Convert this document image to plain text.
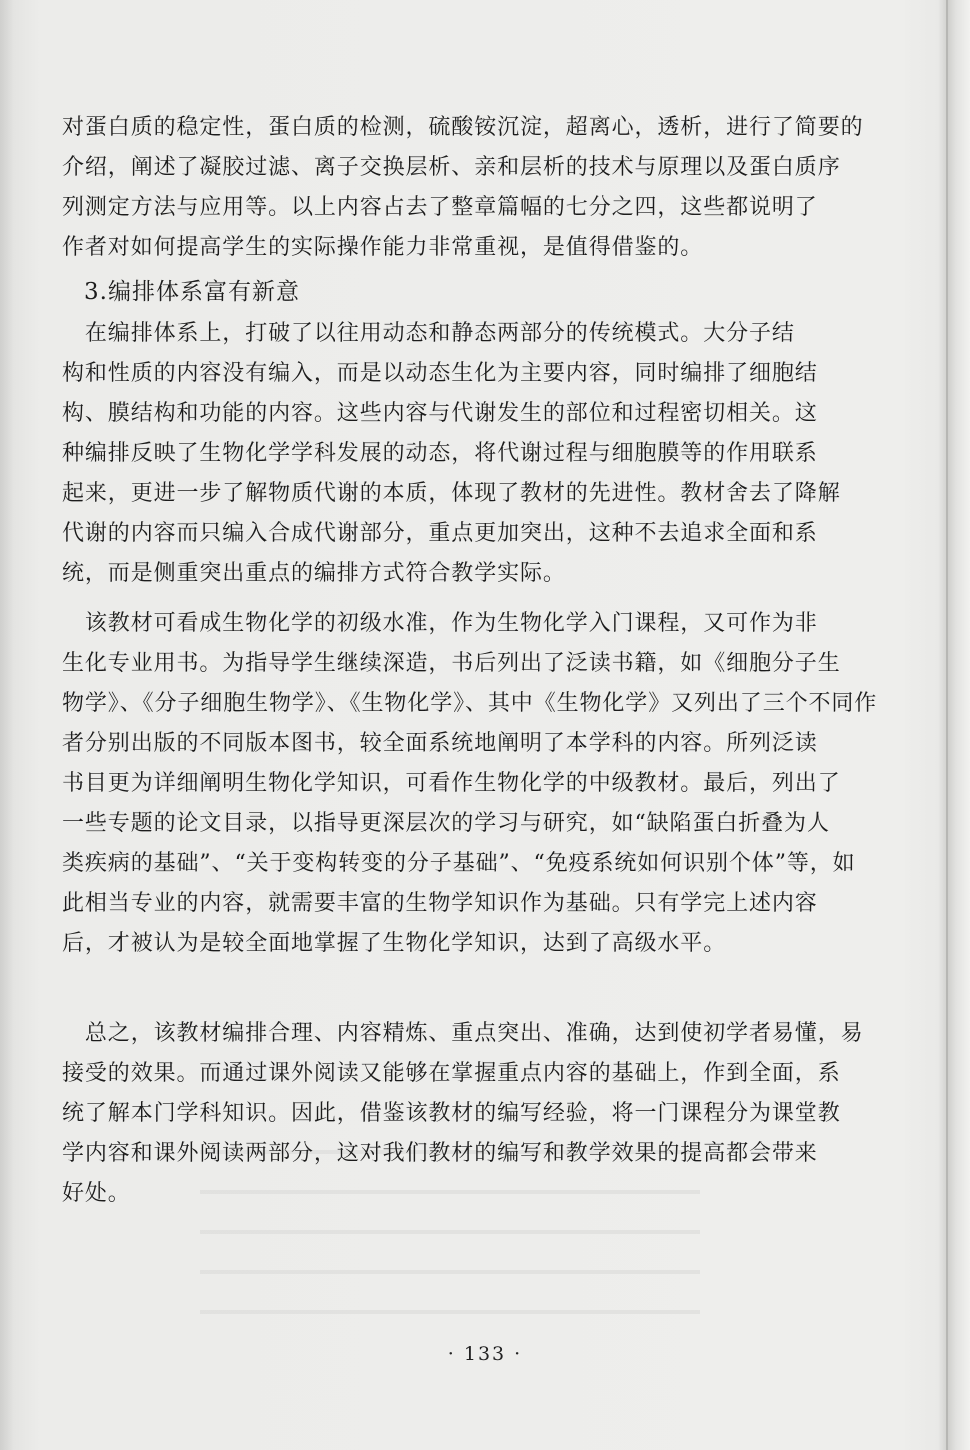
对蛋白质的稳定性，蛋白质的检测，硫酸铵沉淀，超离心，透析，进行了简要的
介绍，阐述了凝胶过滤、离子交换层析、亲和层析的技术与原理以及蛋白质序
列测定方法与应用等。以上内容占去了整章篇幅的七分之四，这些都说明了
作者对如何提高学生的实际操作能力非常重视，是值得借鉴的。
3.编排体系富有新意
　在编排体系上，打破了以往用动态和静态两部分的传统模式。大分子结
构和性质的内容没有编入，而是以动态生化为主要内容，同时编排了细胞结
构、膜结构和功能的内容。这些内容与代谢发生的部位和过程密切相关。这
种编排反映了生物化学学科发展的动态，将代谢过程与细胞膜等的作用联系
起来，更进一步了解物质代谢的本质，体现了教材的先进性。教材舍去了降解
代谢的内容而只编入合成代谢部分，重点更加突出，这种不去追求全面和系
统，而是侧重突出重点的编排方式符合教学实际。
　该教材可看成生物化学的初级水准，作为生物化学入门课程，又可作为非
生化专业用书。为指导学生继续深造，书后列出了泛读书籍，如《细胞分子生
物学》、《分子细胞生物学》、《生物化学》、其中《生物化学》又列出了三个不同作
者分别出版的不同版本图书，较全面系统地阐明了本学科的内容。所列泛读
书目更为详细阐明生物化学知识，可看作生物化学的中级教材。最后，列出了
一些专题的论文目录，以指导更深层次的学习与研究，如“缺陷蛋白折叠为人
类疾病的基础”、“关于变构转变的分子基础”、“免疫系统如何识别个体”等，如
此相当专业的内容，就需要丰富的生物学知识作为基础。只有学完上述内容
后，才被认为是较全面地掌握了生物化学知识，达到了高级水平。
　总之，该教材编排合理、内容精炼、重点突出、准确，达到使初学者易懂，易
接受的效果。而通过课外阅读又能够在掌握重点内容的基础上，作到全面，系
统了解本门学科知识。因此，借鉴该教材的编写经验，将一门课程分为课堂教
学内容和课外阅读两部分，这对我们教材的编写和教学效果的提高都会带来
好处。
· 133 ·
